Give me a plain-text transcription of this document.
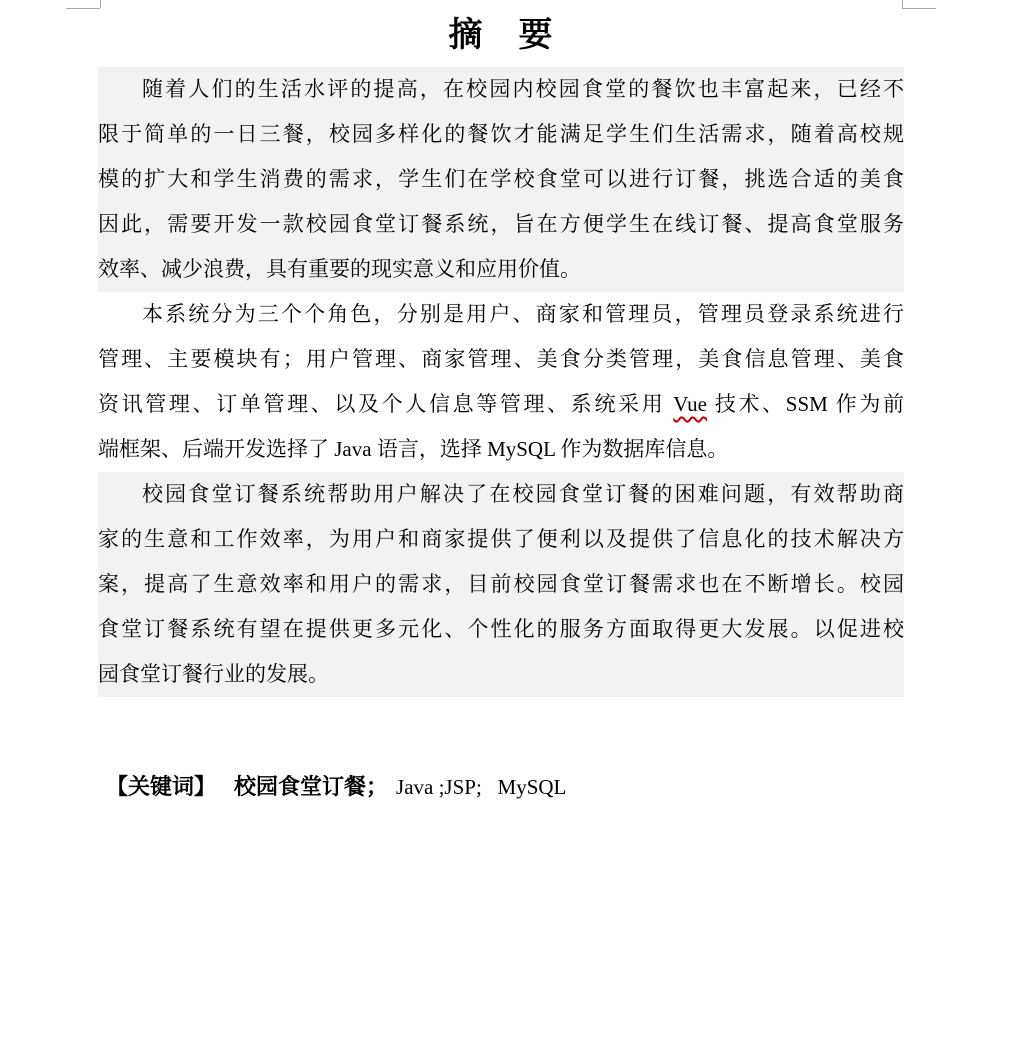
摘　要
随着人们的生活水评的提高，在校园内校园食堂的餐饮也丰富起来，已经不
限于简单的一日三餐，校园多样化的餐饮才能满足学生们生活需求，随着高校规
模的扩大和学生消费的需求，学生们在学校食堂可以进行订餐，挑选合适的美食
因此，需要开发一款校园食堂订餐系统，旨在方便学生在线订餐、提高食堂服务
效率、减少浪费，具有重要的现实意义和应用价值。
本系统分为三个个角色，分别是用户、商家和管理员，管理员登录系统进行
管理、主要模块有；用户管理、商家管理、美食分类管理，美食信息管理、美食
资讯管理、订单管理、以及个人信息等管理、系统采用 Vue 技术、SSM 作为前
端框架、后端开发选择了 Java 语言，选择 MySQL 作为数据库信息。
校园食堂订餐系统帮助用户解决了在校园食堂订餐的困难问题，有效帮助商
家的生意和工作效率，为用户和商家提供了便利以及提供了信息化的技术解决方
案，提高了生意效率和用户的需求，目前校园食堂订餐需求也在不断增长。校园
食堂订餐系统有望在提供更多元化、个性化的服务方面取得更大发展。以促进校
园食堂订餐行业的发展。

【关键词】 校园食堂订餐； Java ;JSP;   MySQL
